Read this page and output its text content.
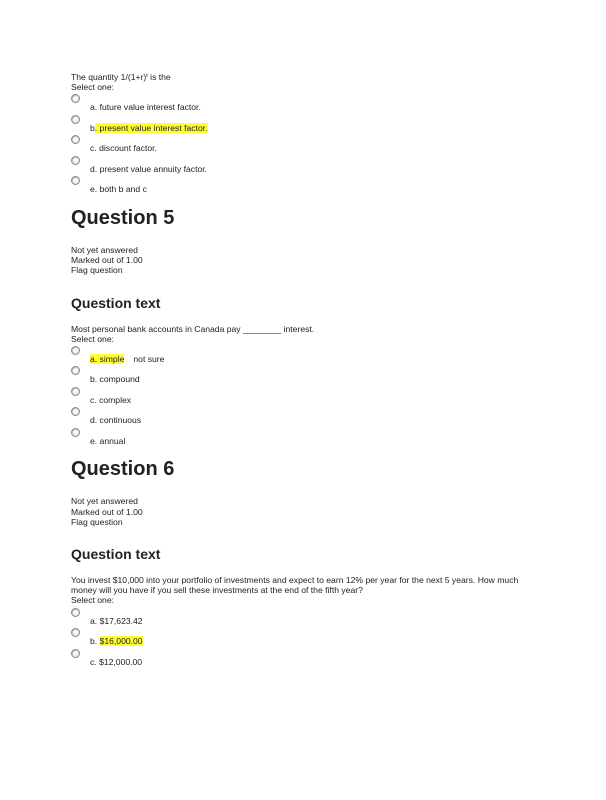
The quantity $1/(1+r)^t$ is the
Select one:
a. future value interest factor.
b. present value interest factor.
c. discount factor.
d. present value annuity factor.
e. both b and c
Question 5
Not yet answered
Marked out of 1.00
Flag question
Question text
Most personal bank accounts in Canada pay ________ interest.
Select one:
a. simple not sure
b. compound
c. complex
d. continuous
e. annual
Question 6
Not yet answered
Marked out of 1.00
Flag question
Question text
You invest $10,000 into your portfolio of investments and expect to earn 12% per year for the next 5 years. How much
money will you have if you sell these investments at the end of the fifth year?
Select one:
a. $17,623.42
b. $16,000.00
c. $12,000.00
